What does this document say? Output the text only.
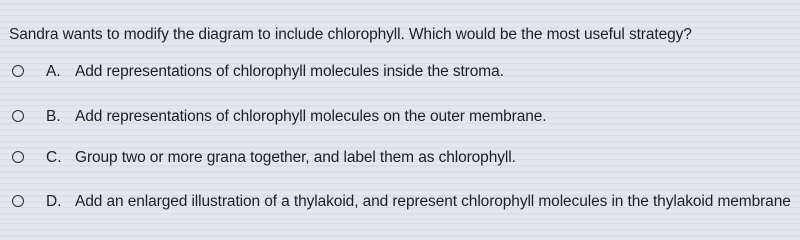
Sandra wants to modify the diagram to include chlorophyll. Which would be the most useful strategy?
A. Add representations of chlorophyll molecules inside the stroma.
B. Add representations of chlorophyll molecules on the outer membrane.
C. Group two or more grana together, and label them as chlorophyll.
D. Add an enlarged illustration of a thylakoid, and represent chlorophyll molecules in the thylakoid membrane
